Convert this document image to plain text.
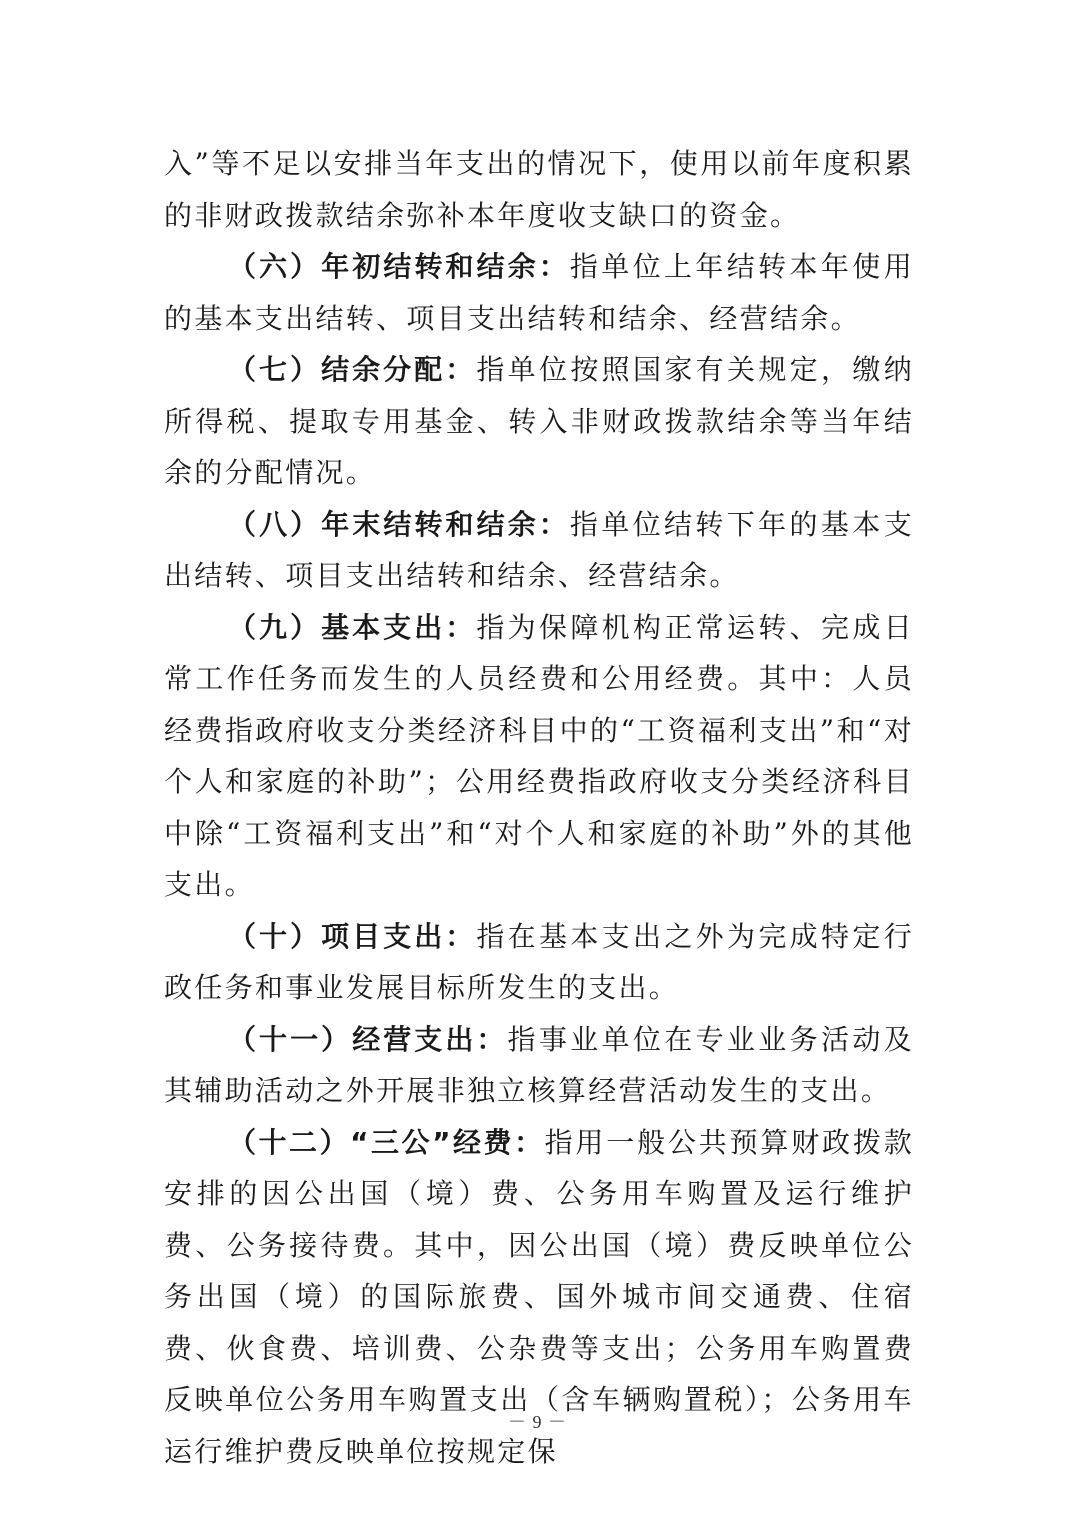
入”等不足以安排当年支出的情况下，使用以前年度积累的非财政拨款结余弥补本年度收支缺口的资金。

（六）年初结转和结余：指单位上年结转本年使用的基本支出结转、项目支出结转和结余、经营结余。

（七）结余分配：指单位按照国家有关规定，缴纳所得税、提取专用基金、转入非财政拨款结余等当年结余的分配情况。

（八）年末结转和结余：指单位结转下年的基本支出结转、项目支出结转和结余、经营结余。

（九）基本支出：指为保障机构正常运转、完成日常工作任务而发生的人员经费和公用经费。其中：人员经费指政府收支分类经济科目中的“工资福利支出”和“对个人和家庭的补助”；公用经费指政府收支分类经济科目中除“工资福利支出”和“对个人和家庭的补助”外的其他支出。

（十）项目支出：指在基本支出之外为完成特定行政任务和事业发展目标所发生的支出。

（十一）经营支出：指事业单位在专业业务活动及其辅助活动之外开展非独立核算经营活动发生的支出。

（十二）“三公”经费：指用一般公共预算财政拨款安排的因公出国（境）费、公务用车购置及运行维护费、公务接待费。其中，因公出国（境）费反映单位公务出国（境）的国际旅费、国外城市间交通费、住宿费、伙食费、培训费、公杂费等支出；公务用车购置费反映单位公务用车购置支出（含车辆购置税）；公务用车运行维护费反映单位按规定保

－ 9 －
